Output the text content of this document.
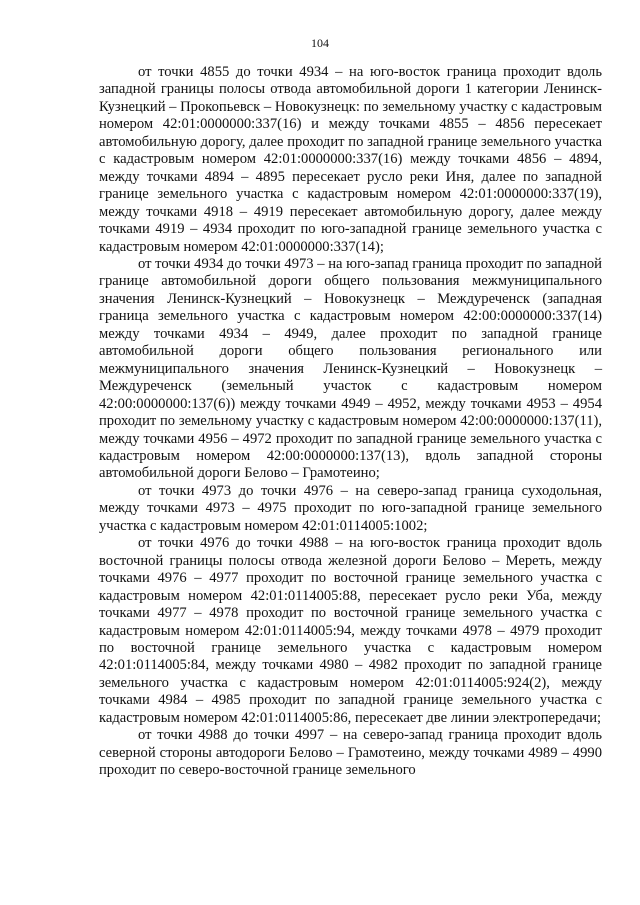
104

от точки 4855 до точки 4934 – на юго-восток граница проходит вдоль западной границы полосы отвода автомобильной дороги 1 категории Ленинск-Кузнецкий – Прокопьевск – Новокузнецк: по земельному участку с кадастровым номером 42:01:0000000:337(16) и между точками 4855 – 4856 пересекает автомобильную дорогу, далее проходит по западной границе земельного участка с кадастровым номером 42:01:0000000:337(16) между точками 4856 – 4894, между точками 4894 – 4895 пересекает русло реки Иня, далее по западной границе земельного участка с кадастровым номером 42:01:0000000:337(19), между точками 4918 – 4919 пересекает автомобильную дорогу, далее между точками 4919 – 4934 проходит по юго-западной границе земельного участка с кадастровым номером 42:01:0000000:337(14);

от точки 4934 до точки 4973 – на юго-запад граница проходит по западной границе автомобильной дороги общего пользования межмуниципального значения Ленинск-Кузнецкий – Новокузнецк – Междуреченск (западная граница земельного участка с кадастровым номером 42:00:0000000:337(14) между точками 4934 – 4949, далее проходит по западной границе автомобильной дороги общего пользования регионального или межмуниципального значения Ленинск-Кузнецкий – Новокузнецк – Междуреченск (земельный участок с кадастровым номером 42:00:0000000:137(6)) между точками 4949 – 4952, между точками 4953 – 4954 проходит по земельному участку с кадастровым номером 42:00:0000000:137(11), между точками 4956 – 4972 проходит по западной границе земельного участка с кадастровым номером 42:00:0000000:137(13), вдоль западной стороны автомобильной дороги Белово – Грамотеино;

от точки 4973 до точки 4976 – на северо-запад граница суходольная, между точками 4973 – 4975 проходит по юго-западной границе земельного участка с кадастровым номером 42:01:0114005:1002;

от точки 4976 до точки 4988 – на юго-восток граница проходит вдоль восточной границы полосы отвода железной дороги Белово – Мереть, между точками 4976 – 4977 проходит по восточной границе земельного участка с кадастровым номером 42:01:0114005:88, пересекает русло реки Уба, между точками 4977 – 4978 проходит по восточной границе земельного участка с кадастровым номером 42:01:0114005:94, между точками 4978 – 4979 проходит по восточной границе земельного участка с кадастровым номером 42:01:0114005:84, между точками 4980 – 4982 проходит по западной границе земельного участка с кадастровым номером 42:01:0114005:924(2), между точками 4984 – 4985 проходит по западной границе земельного участка с кадастровым номером 42:01:0114005:86, пересекает две линии электропередачи;

от точки 4988 до точки 4997 – на северо-запад граница проходит вдоль северной стороны автодороги Белово – Грамотеино, между точками 4989 – 4990 проходит по северо-восточной границе земельного
